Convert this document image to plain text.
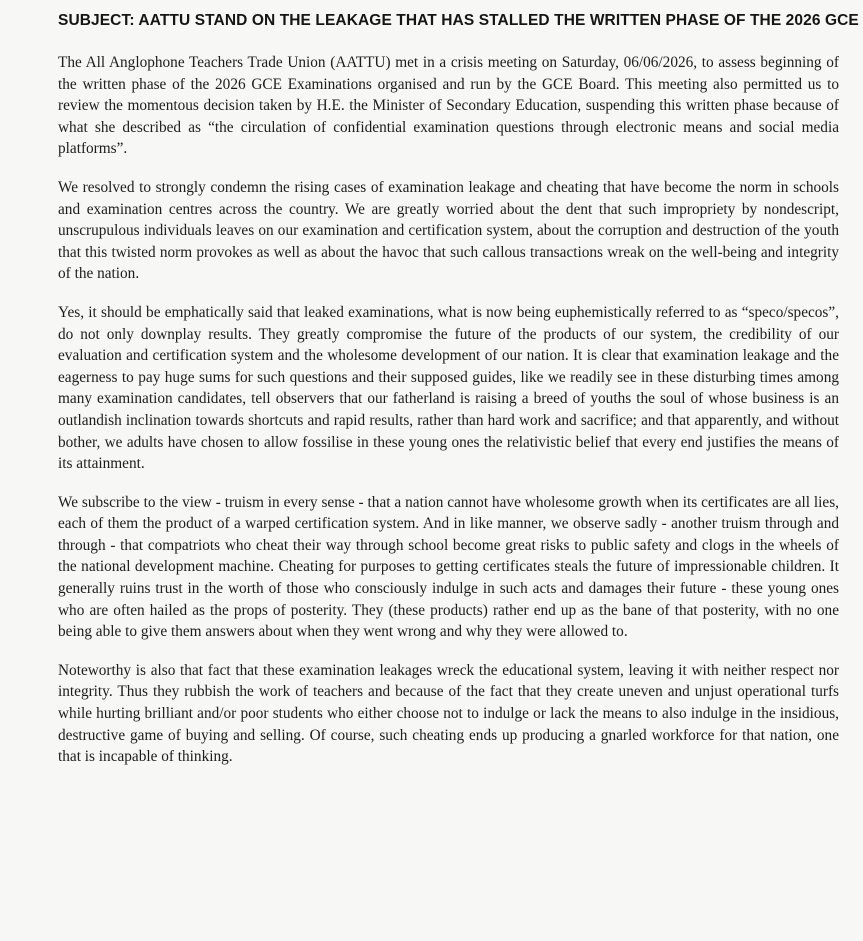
SUBJECT: AATTU STAND ON THE LEAKAGE THAT HAS STALLED THE WRITTEN PHASE OF THE 2026 GCE

The All Anglophone Teachers Trade Union (AATTU) met in a crisis meeting on Saturday, 06/06/2026, to assess beginning of the written phase of the 2026 GCE Examinations organised and run by the GCE Board. This meeting also permitted us to review the momentous decision taken by H.E. the Minister of Secondary Education, suspending this written phase because of what she described as “the circulation of confidential examination questions through electronic means and social media platforms”.

We resolved to strongly condemn the rising cases of examination leakage and cheating that have become the norm in schools and examination centres across the country. We are greatly worried about the dent that such impropriety by nondescript, unscrupulous individuals leaves on our examination and certification system, about the corruption and destruction of the youth that this twisted norm provokes as well as about the havoc that such callous transactions wreak on the well-being and integrity of the nation.

Yes, it should be emphatically said that leaked examinations, what is now being euphemistically referred to as “speco/specos”, do not only downplay results. They greatly compromise the future of the products of our system, the credibility of our evaluation and certification system and the wholesome development of our nation. It is clear that examination leakage and the eagerness to pay huge sums for such questions and their supposed guides, like we readily see in these disturbing times among many examination candidates, tell observers that our fatherland is raising a breed of youths the soul of whose business is an outlandish inclination towards shortcuts and rapid results, rather than hard work and sacrifice; and that apparently, and without bother, we adults have chosen to allow fossilise in these young ones the relativistic belief that every end justifies the means of its attainment.

We subscribe to the view - truism in every sense - that a nation cannot have wholesome growth when its certificates are all lies, each of them the product of a warped certification system. And in like manner, we observe sadly - another truism through and through - that compatriots who cheat their way through school become great risks to public safety and clogs in the wheels of the national development machine. Cheating for purposes to getting certificates steals the future of impressionable children. It generally ruins trust in the worth of those who consciously indulge in such acts and damages their future - these young ones who are often hailed as the props of posterity. They (these products) rather end up as the bane of that posterity, with no one being able to give them answers about when they went wrong and why they were allowed to.

Noteworthy is also that fact that these examination leakages wreck the educational system, leaving it with neither respect nor integrity. Thus they rubbish the work of teachers and because of the fact that they create uneven and unjust operational turfs while hurting brilliant and/or poor students who either choose not to indulge or lack the means to also indulge in the insidious, destructive game of buying and selling. Of course, such cheating ends up producing a gnarled workforce for that nation, one that is incapable of thinking.
